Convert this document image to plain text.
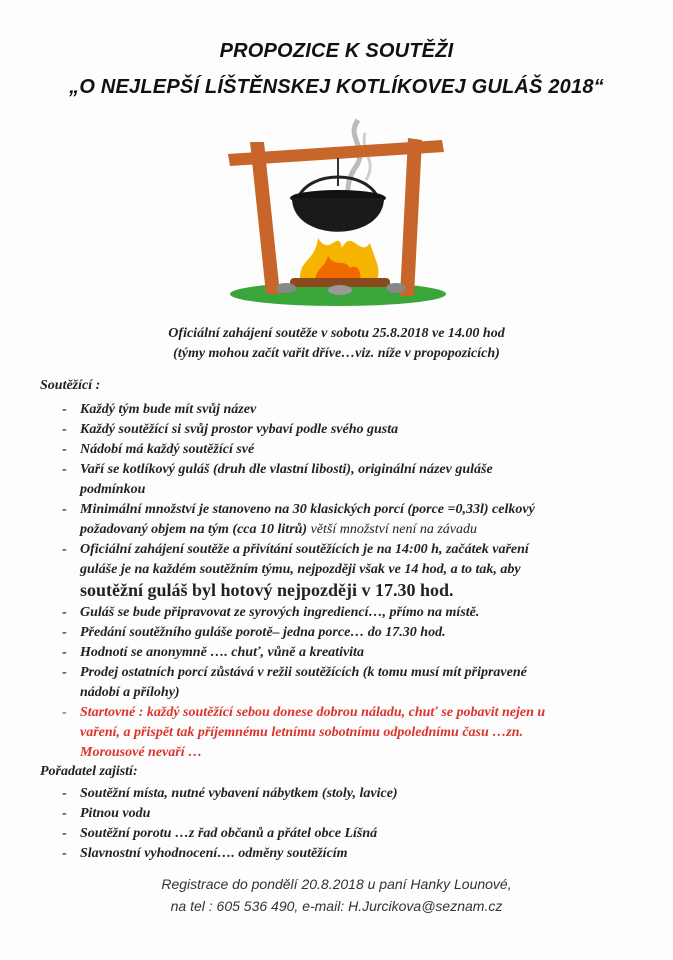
PROPOZICE K SOUTĚŽI
„O NEJLEPŠÍ LÍŠTĚNSKEJ KOTLÍKOVEJ GULÁŠ 2018“
Oficiální zahájení soutěže v sobotu 25.8.2018 ve 14.00 hod
(týmy mohou začít vařit dříve…viz. níže v propopozicích)
Soutěžící :
- Každý tým bude mít svůj název
- Každý soutěžící si svůj prostor vybaví podle svého gusta
- Nádobí má každý soutěžící své
- Vaří se kotlíkový guláš (druh dle vlastní libosti), originální název guláše
podmínkou
- Minimální množství je stanoveno na 30 klasických porcí (porce =0,33l) celkový
požadovaný objem na tým (cca 10 litrů) větší množství není na závadu
- Oficiální zahájení soutěže a přivítání soutěžících je na 14:00 h, začátek vaření
guláše je na každém soutěžním týmu, nejpozději však ve 14 hod, a to tak, aby
soutěžní guláš byl hotový nejpozději v 17.30 hod.
- Guláš se bude připravovat ze syrových ingrediencí…, přímo na místě.
- Předání soutěžního guláše porotě– jedna porce… do 17.30 hod.
- Hodnotí se anonymně …. chuť, vůně a kreativita
- Prodej ostatních porcí zůstává v režii soutěžících (k tomu musí mít připravené
nádobí a přílohy)
- Startovné : každý soutěžící sebou donese dobrou náladu, chuť se pobavit nejen u
vaření, a přispět tak příjemnému letnímu sobotnímu odpolednímu času …zn.
Morousové nevaří …
Pořadatel zajistí:
- Soutěžní místa, nutné vybavení nábytkem (stoly, lavice)
- Pitnou vodu
- Soutěžní porotu …z řad občanů a přátel obce Líšná
- Slavnostní vyhodnocení…. odměny soutěžícím
Registrace do pondělí 20.8.2018 u paní Hanky Lounové,
na tel : 605 536 490, e-mail: H.Jurcikova@seznam.cz
